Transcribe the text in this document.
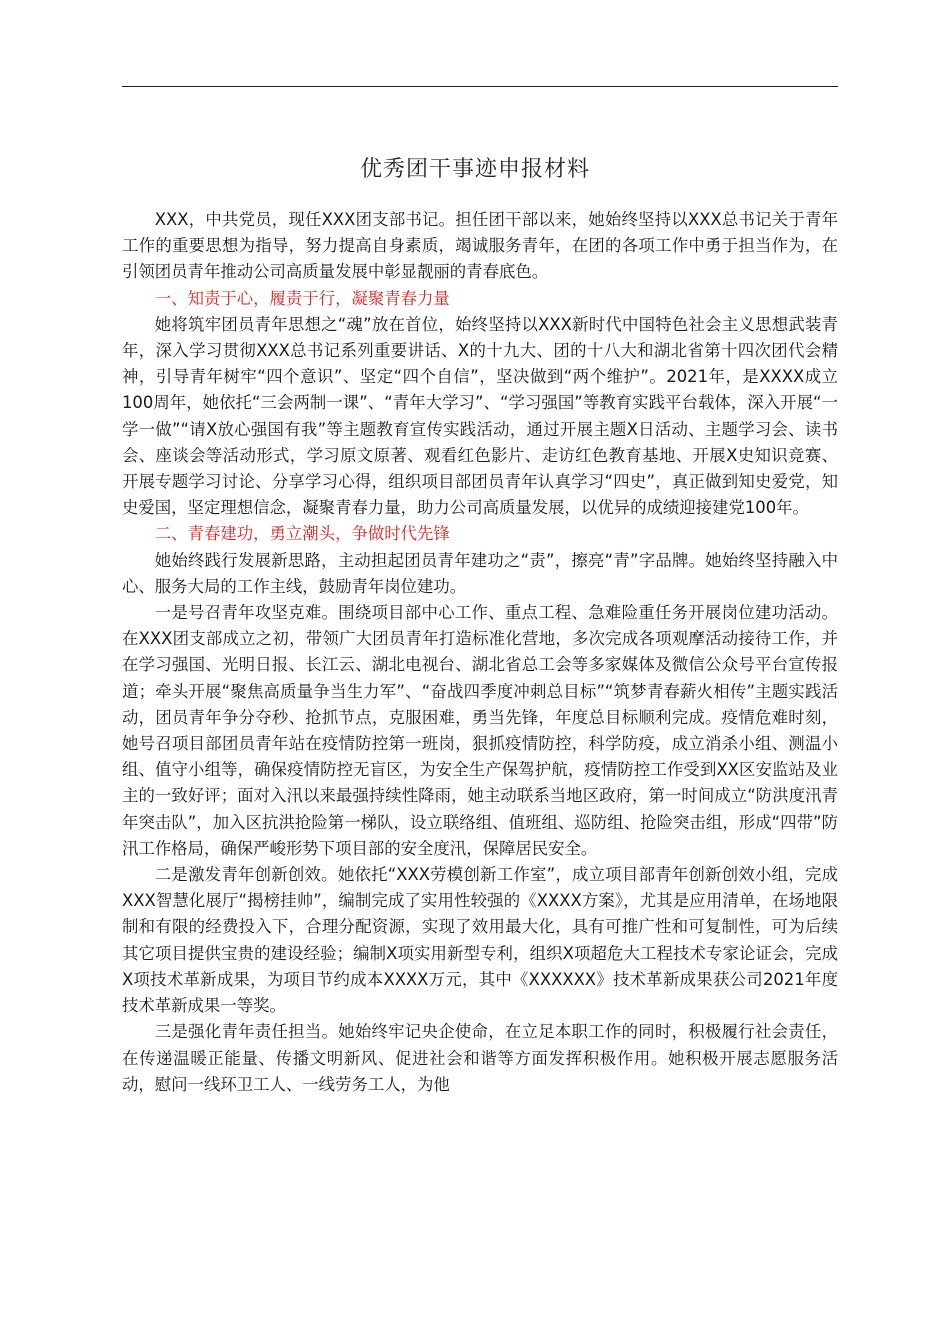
优秀团干事迹申报材料

XXX，中共党员，现任XXX团支部书记。担任团干部以来，她始终坚持以XXX总书记关于青年工作的重要思想为指导，努力提高自身素质，竭诚服务青年，在团的各项工作中勇于担当作为，在引领团员青年推动公司高质量发展中彰显靓丽的青春底色。

一、知责于心，履责于行，凝聚青春力量

她将筑牢团员青年思想之“魂”放在首位，始终坚持以XXX新时代中国特色社会主义思想武装青年，深入学习贯彻XXX总书记系列重要讲话、X的十九大、团的十八大和湖北省第十四次团代会精神，引导青年树牢“四个意识”、坚定“四个自信”，坚决做到“两个维护”。2021年，是XXXX成立100周年，她依托“三会两制一课”、“青年大学习”、“学习强国”等教育实践平台载体，深入开展“一学一做”“请X放心强国有我”等主题教育宣传实践活动，通过开展主题X日活动、主题学习会、读书会、座谈会等活动形式，学习原文原著、观看红色影片、走访红色教育基地、开展X史知识竞赛、开展专题学习讨论、分享学习心得，组织项目部团员青年认真学习“四史”，真正做到知史爱党，知史爱国，坚定理想信念，凝聚青春力量，助力公司高质量发展，以优异的成绩迎接建党100年。

二、青春建功，勇立潮头，争做时代先锋

她始终践行发展新思路，主动担起团员青年建功之“责”，擦亮“青”字品牌。她始终坚持融入中心、服务大局的工作主线，鼓励青年岗位建功。

一是号召青年攻坚克难。围绕项目部中心工作、重点工程、急难险重任务开展岗位建功活动。在XXX团支部成立之初，带领广大团员青年打造标准化营地，多次完成各项观摩活动接待工作，并在学习强国、光明日报、长江云、湖北电视台、湖北省总工会等多家媒体及微信公众号平台宣传报道；牵头开展“聚焦高质量争当生力军”、“奋战四季度冲刺总目标”“筑梦青春薪火相传”主题实践活动，团员青年争分夺秒、抢抓节点，克服困难，勇当先锋，年度总目标顺利完成。疫情危难时刻，她号召项目部团员青年站在疫情防控第一班岗，狠抓疫情防控，科学防疫，成立消杀小组、测温小组、值守小组等，确保疫情防控无盲区，为安全生产保驾护航，疫情防控工作受到XX区安监站及业主的一致好评；面对入汛以来最强持续性降雨，她主动联系当地区政府，第一时间成立“防洪度汛青年突击队”，加入区抗洪抢险第一梯队，设立联络组、值班组、巡防组、抢险突击组，形成“四带”防汛工作格局，确保严峻形势下项目部的安全度汛，保障居民安全。

二是激发青年创新创效。她依托“XXX劳模创新工作室”，成立项目部青年创新创效小组，完成XXX智慧化展厅“揭榜挂帅”，编制完成了实用性较强的《XXXX方案》，尤其是应用清单，在场地限制和有限的经费投入下，合理分配资源，实现了效用最大化，具有可推广性和可复制性，可为后续其它项目提供宝贵的建设经验；编制X项实用新型专利，组织X项超危大工程技术专家论证会，完成X项技术革新成果，为项目节约成本XXXX万元，其中《XXXXXX》技术革新成果获公司2021年度技术革新成果一等奖。

三是强化青年责任担当。她始终牢记央企使命，在立足本职工作的同时，积极履行社会责任，在传递温暖正能量、传播文明新风、促进社会和谐等方面发挥积极作用。她积极开展志愿服务活动，慰问一线环卫工人、一线劳务工人，为他
